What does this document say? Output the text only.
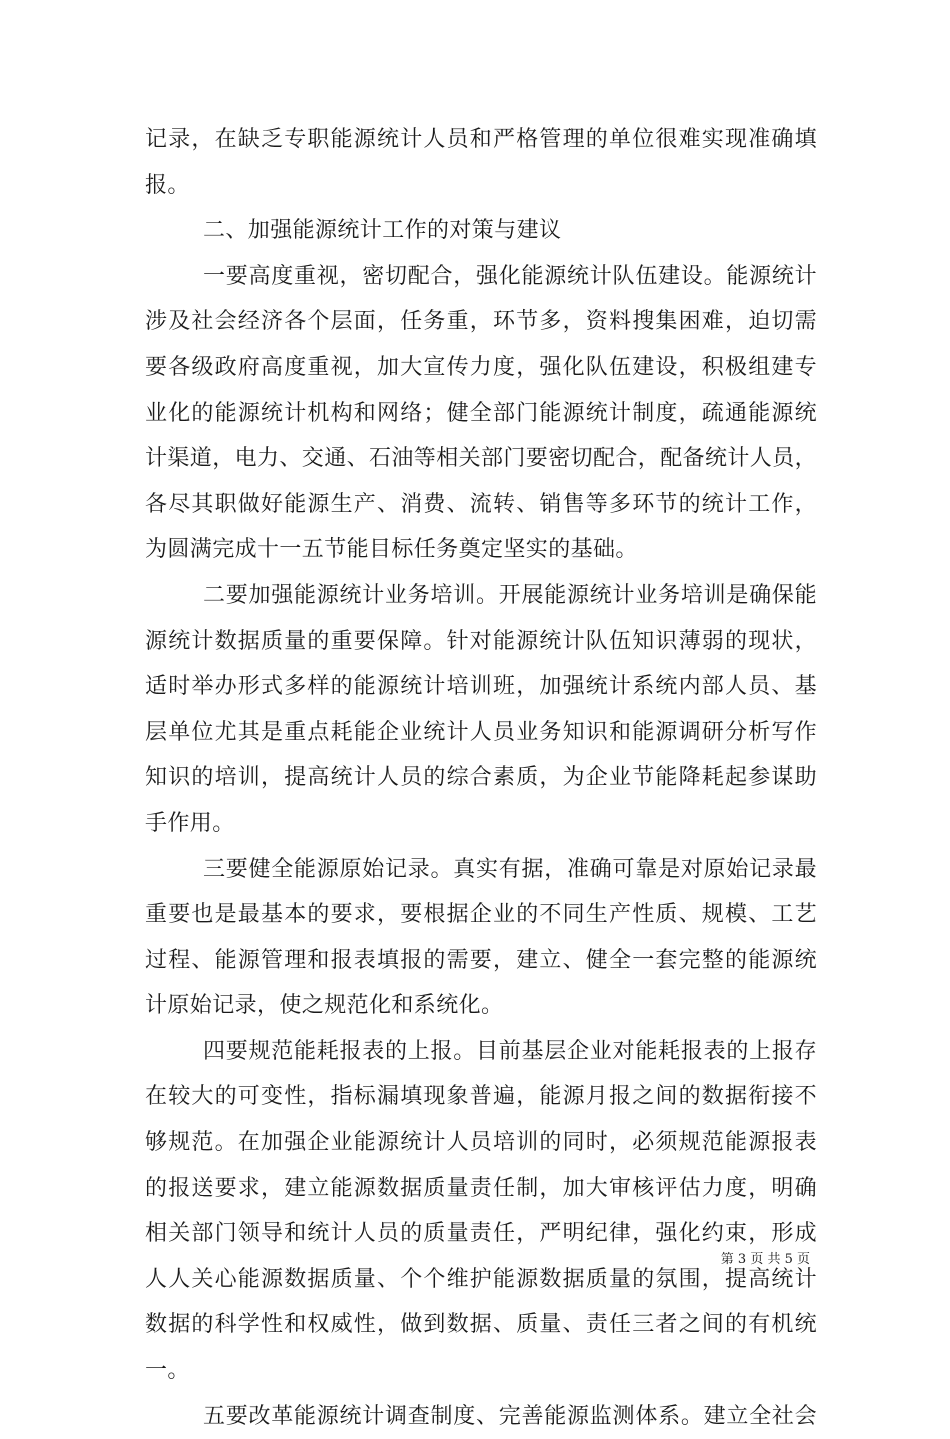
记录，在缺乏专职能源统计人员和严格管理的单位很难实现准确填
报。
二、加强能源统计工作的对策与建议
一要高度重视，密切配合，强化能源统计队伍建设。能源统计
涉及社会经济各个层面，任务重，环节多，资料搜集困难，迫切需
要各级政府高度重视，加大宣传力度，强化队伍建设，积极组建专
业化的能源统计机构和网络；健全部门能源统计制度，疏通能源统
计渠道，电力、交通、石油等相关部门要密切配合，配备统计人员，
各尽其职做好能源生产、消费、流转、销售等多环节的统计工作，
为圆满完成十一五节能目标任务奠定坚实的基础。
二要加强能源统计业务培训。开展能源统计业务培训是确保能
源统计数据质量的重要保障。针对能源统计队伍知识薄弱的现状，
适时举办形式多样的能源统计培训班，加强统计系统内部人员、基
层单位尤其是重点耗能企业统计人员业务知识和能源调研分析写作
知识的培训，提高统计人员的综合素质，为企业节能降耗起参谋助
手作用。
三要健全能源原始记录。真实有据，准确可靠是对原始记录最
重要也是最基本的要求，要根据企业的不同生产性质、规模、工艺
过程、能源管理和报表填报的需要，建立、健全一套完整的能源统
计原始记录，使之规范化和系统化。
四要规范能耗报表的上报。目前基层企业对能耗报表的上报存
在较大的可变性，指标漏填现象普遍，能源月报之间的数据衔接不
够规范。在加强企业能源统计人员培训的同时，必须规范能源报表
的报送要求，建立能源数据质量责任制，加大审核评估力度，明确
相关部门领导和统计人员的质量责任，严明纪律，强化约束，形成
人人关心能源数据质量、个个维护能源数据质量的氛围，提高统计
数据的科学性和权威性，做到数据、质量、责任三者之间的有机统
一。
五要改革能源统计调查制度、完善能源监测体系。建立全社会
第 3 页 共 5 页
